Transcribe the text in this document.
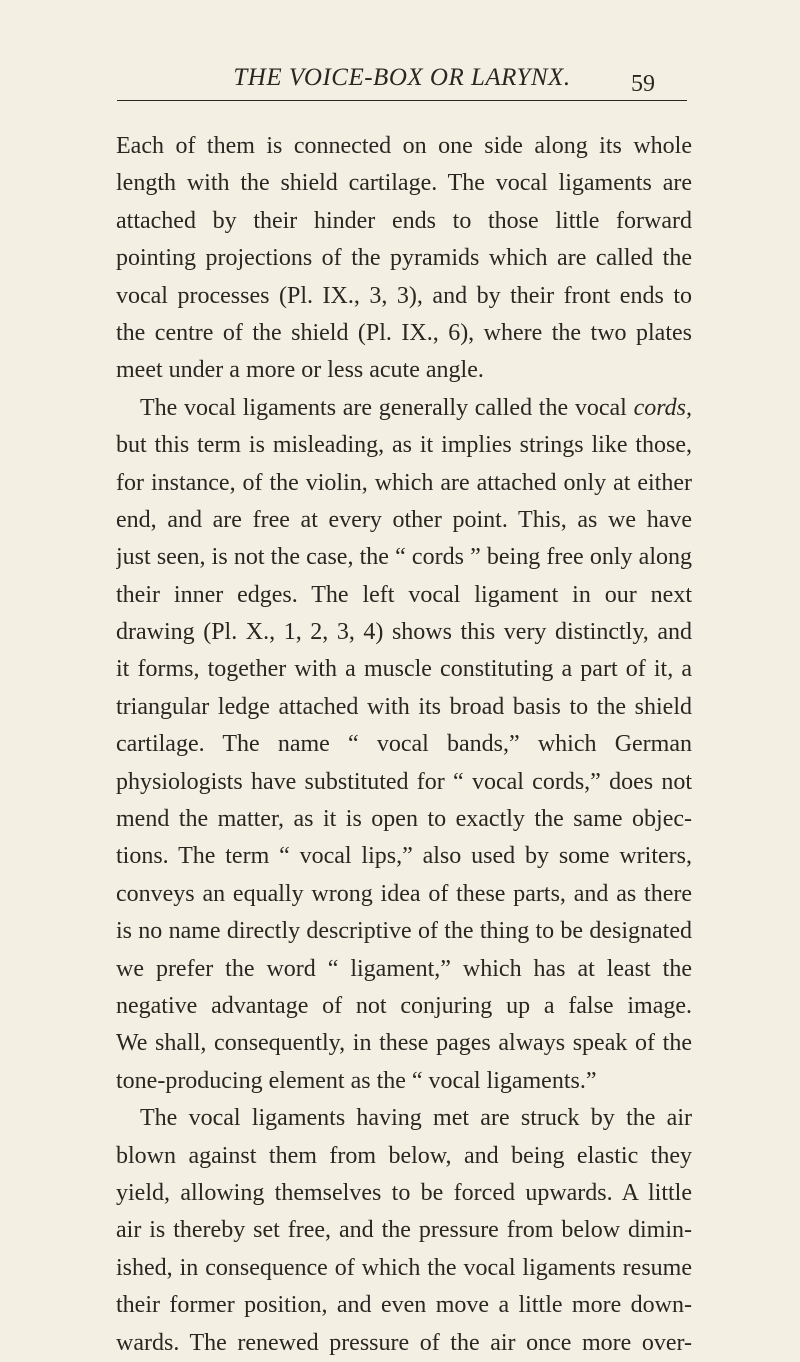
THE VOICE-BOX OR LARYNX.	59
Each of them is connected on one side along its whole
length with the shield cartilage. The vocal ligaments are
attached by their hinder ends to those little forward
pointing projections of the pyramids which are called the
vocal processes (Pl. IX., 3, 3), and by their front ends to
the centre of the shield (Pl. IX., 6), where the two plates
meet under a more or less acute angle.
The vocal ligaments are generally called the vocal cords,
but this term is misleading, as it implies strings like those,
for instance, of the violin, which are attached only at either
end, and are free at every other point. This, as we have
just seen, is not the case, the “ cords ” being free only along
their inner edges. The left vocal ligament in our next
drawing (Pl. X., 1, 2, 3, 4) shows this very distinctly, and
it forms, together with a muscle constituting a part of it, a
triangular ledge attached with its broad basis to the shield
cartilage. The name “ vocal bands,” which German
physiologists have substituted for “ vocal cords,” does not
mend the matter, as it is open to exactly the same objec-
tions. The term “ vocal lips,” also used by some writers,
conveys an equally wrong idea of these parts, and as there
is no name directly descriptive of the thing to be designated
we prefer the word “ ligament,” which has at least the
negative advantage of not conjuring up a false image.
We shall, consequently, in these pages always speak of the
tone-producing element as the “ vocal ligaments.”
The vocal ligaments having met are struck by the air
blown against them from below, and being elastic they
yield, allowing themselves to be forced upwards. A little
air is thereby set free, and the pressure from below dimin-
ished, in consequence of which the vocal ligaments resume
their former position, and even move a little more down-
wards. The renewed pressure of the air once more over-
